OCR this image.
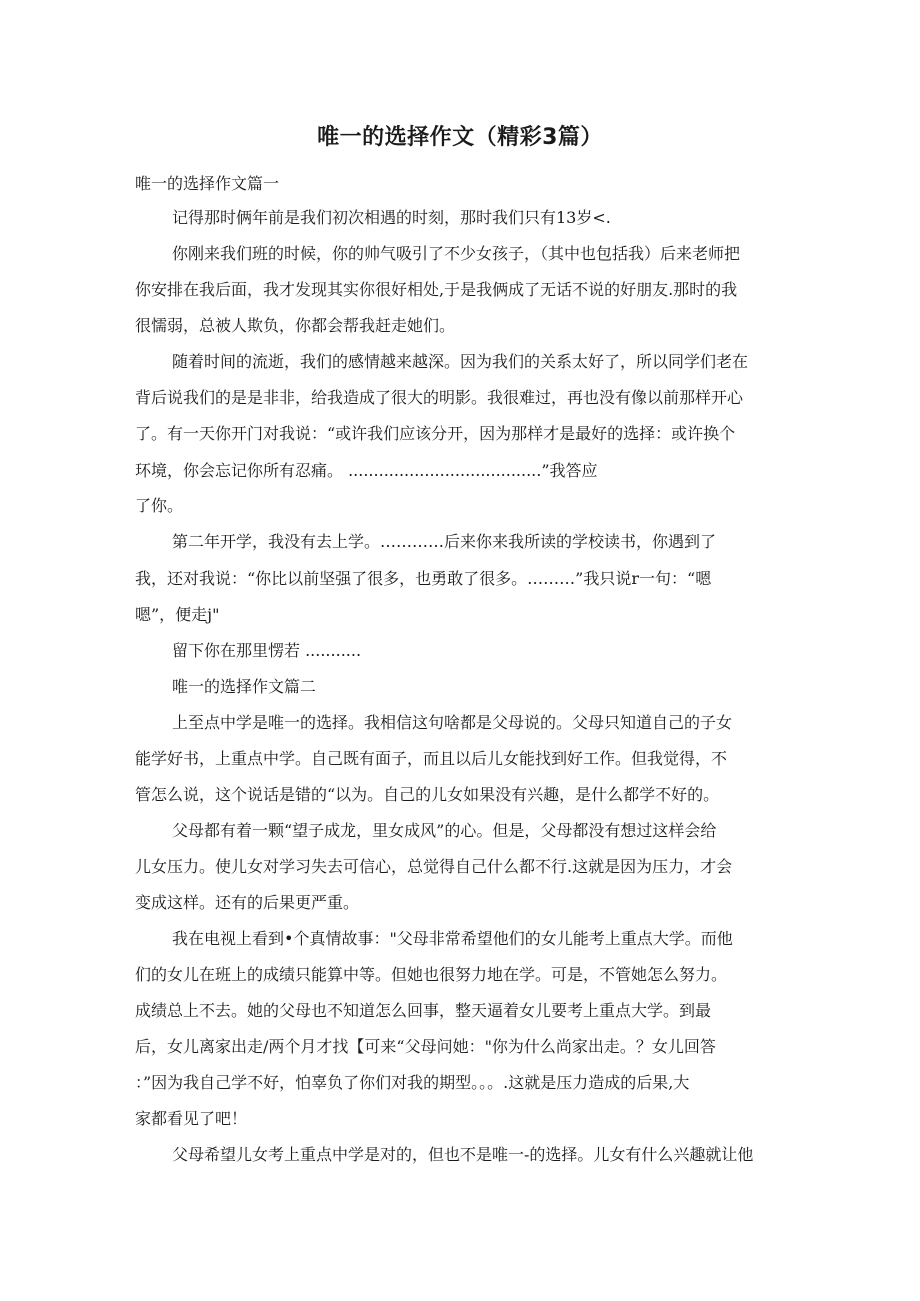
唯一的选择作文（精彩3篇）
唯一的选择作文篇一
记得那时俩年前是我们初次相遇的时刻，那时我们只有13岁<.
你刚来我们班的时候，你的帅气吸引了不少女孩子，（其中也包括我）后来老师把
你安排在我后面，我才发现其实你很好相处,于是我俩成了无话不说的好朋友.那时的我
很懦弱，总被人欺负，你都会帮我赶走她们。
随着时间的流逝，我们的感情越来越深。因为我们的关系太好了，所以同学们老在
背后说我们的是是非非，给我造成了很大的明影。我很难过，再也没有像以前那样开心
了。有一天你开门对我说：“或许我们应该分开，因为那样才是最好的选择：或许换个
环境，你会忘记你所有忍痛。 ......................................”我答应
了你。
第二年开学，我没有去上学。…………后来你来我所读的学校读书，你遇到了
我，还对我说：“你比以前坚强了很多，也勇敢了很多。………”我只说r一句：“嗯
嗯”，便走j"
留下你在那里愣若 ...........
唯一的选择作文篇二
上至点中学是唯一的选择。我相信这句啥都是父母说的。父母只知道自己的子女
能学好书，上重点中学。自己既有面子，而且以后儿女能找到好工作。但我觉得，不
管怎么说，这个说话是错的“以为。自己的儿女如果没有兴趣，是什么都学不好的。
父母都有着一颗“望子成龙，里女成风”的心。但是，父母都没有想过这样会给
儿女压力。使儿女对学习失去可信心，总觉得自己什么都不行.这就是因为压力，才会
变成这样。还有的后果更严重。
我在电视上看到•个真情故事："父母非常希望他们的女儿能考上重点大学。而他
们的女儿在班上的成绩只能算中等。但她也很努力地在学。可是，不管她怎么努力。
成绩总上不去。她的父母也不知道怎么回事，整天逼着女儿要考上重点大学。到最
后，女儿离家出走/两个月才找【可来“父母问她："你为什么尚家出走。？女儿回答
：”因为我自己学不好，怕辜负了你们对我的期型。。。.这就是压力造成的后果,大
家都看见了吧！
父母希望儿女考上重点中学是对的，但也不是唯一-的选择。儿女有什么兴趣就让他
